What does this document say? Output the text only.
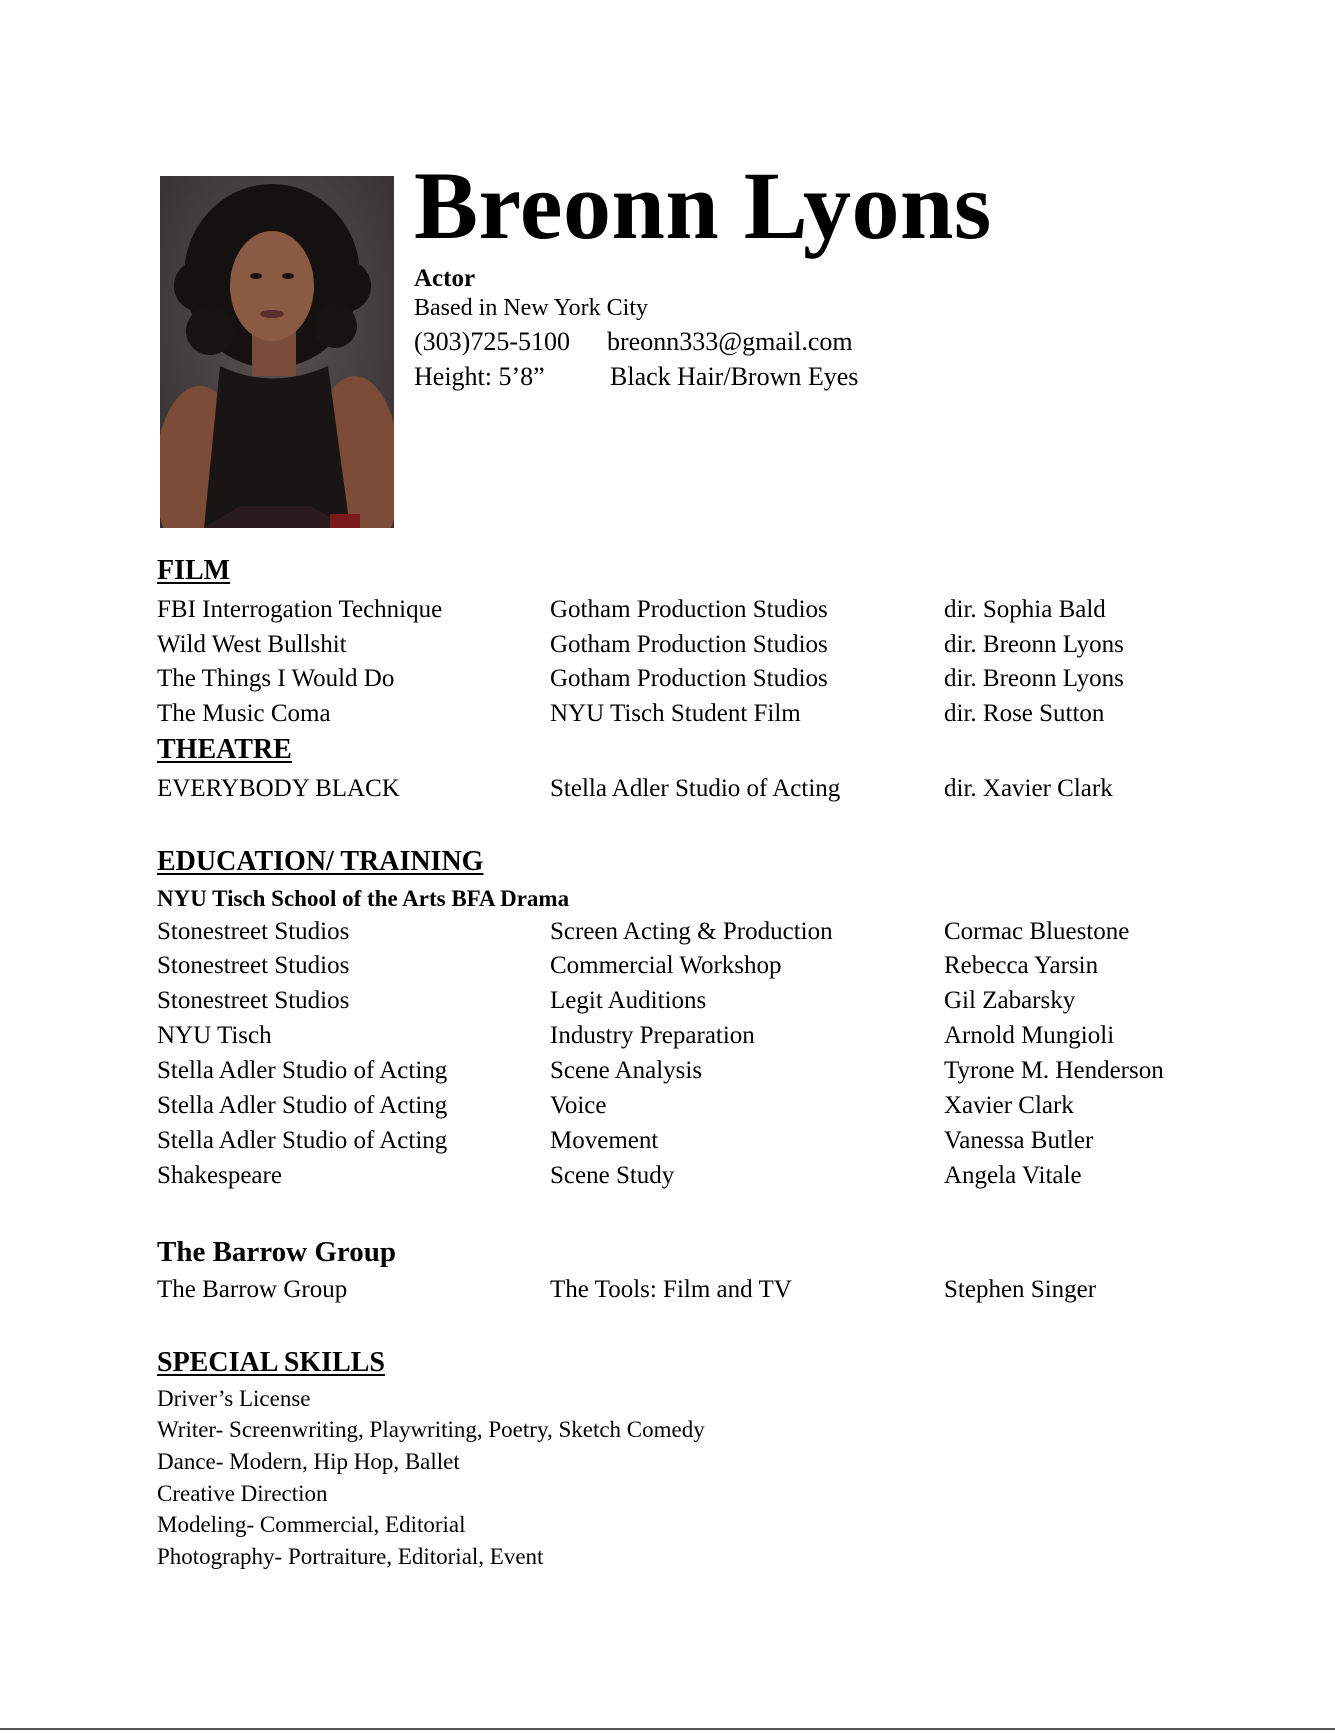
Breonn Lyons
Actor
Based in New York City
(303)725-5100 breonn333@gmail.com
Height: 5’8”	Black Hair/Brown Eyes
FILM
FBI Interrogation Technique	Gotham Production Studios	dir. Sophia Bald
Wild West Bullshit	Gotham Production Studios	dir. Breonn Lyons
The Things I Would Do	Gotham Production Studios	dir. Breonn Lyons
The Music Coma	NYU Tisch Student Film	dir. Rose Sutton
THEATRE
EVERYBODY BLACK	Stella Adler Studio of Acting	dir. Xavier Clark
EDUCATION/ TRAINING
NYU Tisch School of the Arts BFA Drama
Stonestreet Studios	Screen Acting & Production	Cormac Bluestone
Stonestreet Studios	Commercial Workshop	Rebecca Yarsin
Stonestreet Studios	Legit Auditions	Gil Zabarsky
NYU Tisch	Industry Preparation	Arnold Mungioli
Stella Adler Studio of Acting	Scene Analysis	Tyrone M. Henderson
Stella Adler Studio of Acting	Voice	Xavier Clark
Stella Adler Studio of Acting	Movement	Vanessa Butler
Shakespeare	Scene Study	Angela Vitale
The Barrow Group
The Barrow Group	The Tools: Film and TV	Stephen Singer
SPECIAL SKILLS
Driver’s License
Writer- Screenwriting, Playwriting, Poetry, Sketch Comedy
Dance- Modern, Hip Hop, Ballet
Creative Direction
Modeling- Commercial, Editorial
Photography- Portraiture, Editorial, Event
